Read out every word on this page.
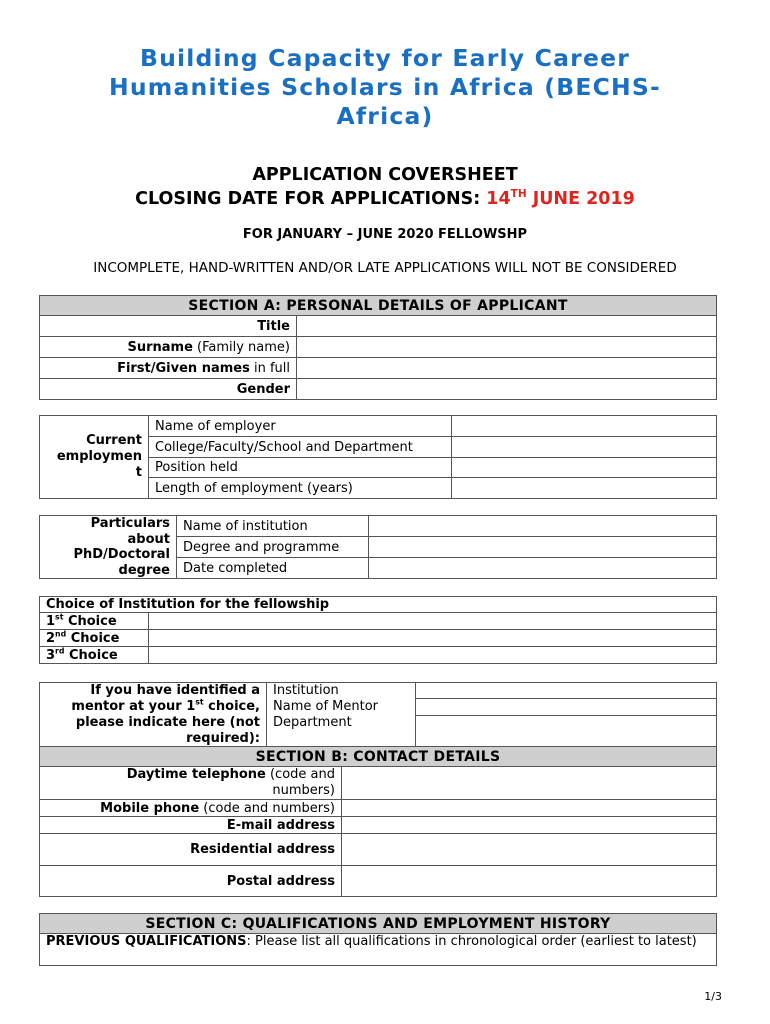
Building Capacity for Early Career
Humanities Scholars in Africa (BECHS-
Africa)
APPLICATION COVERSHEET
CLOSING DATE FOR APPLICATIONS: 14TH JUNE 2019
FOR JANUARY – JUNE 2020 FELLOWSHP
INCOMPLETE, HAND-WRITTEN AND/OR LATE APPLICATIONS WILL NOT BE CONSIDERED
SECTION A: PERSONAL DETAILS OF APPLICANT	
Title	
Surname (Family name)	
First/Given names in full	
Gender	
Current
employmen
t	Name of employer	
	College/Faculty/School and Department	
	Position held	
	Length of employment (years)	
Particulars
about
PhD/Doctoral
degree	Name of institution	
	Degree and programme	
	Date completed	
Choice of Institution for the fellowship	
1st Choice	
2nd Choice	
3rd Choice	
If you have identified a
mentor at your 1st choice,
please indicate here (not
required):	Institution	
	Name of Mentor	
	Department	
SECTION B: CONTACT DETAILS	

Daytime telephone (code and
numbers)	

Mobile phone (code and numbers)	
E-mail address	
Residential address	
Postal address	
SECTION C: QUALIFICATIONS AND EMPLOYMENT HISTORY
PREVIOUS QUALIFICATIONS: Please list all qualifications in chronological order (earliest to latest)
1/3
